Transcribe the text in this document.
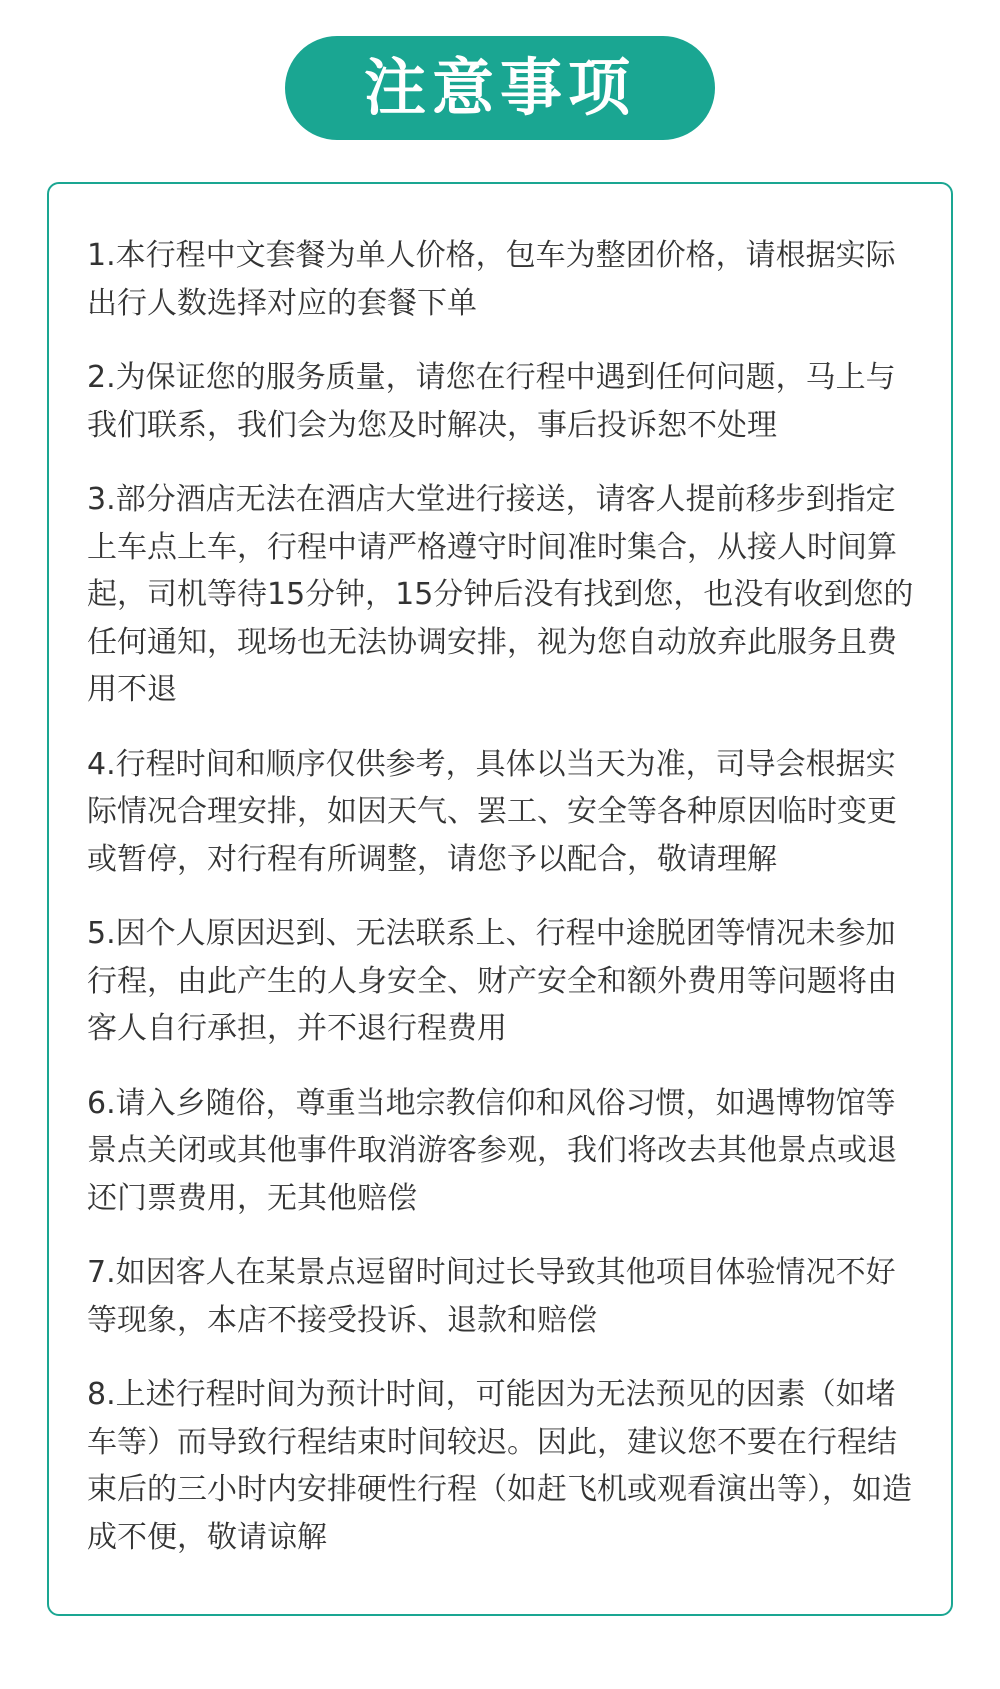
注意事项
1.本行程中文套餐为单人价格，包车为整团价格，请根据实际出行人数选择对应的套餐下单
2.为保证您的服务质量，请您在行程中遇到任何问题，马上与我们联系，我们会为您及时解决，事后投诉恕不处理
3.部分酒店无法在酒店大堂进行接送，请客人提前移步到指定上车点上车，行程中请严格遵守时间准时集合，从接人时间算起，司机等待15分钟，15分钟后没有找到您，也没有收到您的任何通知，现场也无法协调安排，视为您自动放弃此服务且费用不退
4.行程时间和顺序仅供参考，具体以当天为准，司导会根据实际情况合理安排，如因天气、罢工、安全等各种原因临时变更或暂停，对行程有所调整，请您予以配合，敬请理解
5.因个人原因迟到、无法联系上、行程中途脱团等情况未参加行程，由此产生的人身安全、财产安全和额外费用等问题将由客人自行承担，并不退行程费用
6.请入乡随俗，尊重当地宗教信仰和风俗习惯，如遇博物馆等景点关闭或其他事件取消游客参观，我们将改去其他景点或退还门票费用，无其他赔偿
7.如因客人在某景点逗留时间过长导致其他项目体验情况不好等现象，本店不接受投诉、退款和赔偿
8.上述行程时间为预计时间，可能因为无法预见的因素（如堵车等）而导致行程结束时间较迟。因此，建议您不要在行程结束后的三小时内安排硬性行程（如赶飞机或观看演出等），如造成不便，敬请谅解
